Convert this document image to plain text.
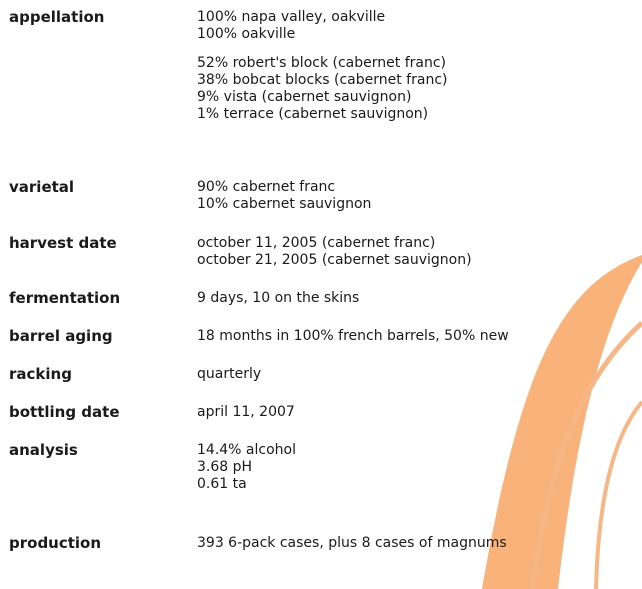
appellation	100% napa valley, oakville
100% oakville
52% robert's block (cabernet franc)
38% bobcat blocks (cabernet franc)
9% vista (cabernet sauvignon)
1% terrace (cabernet sauvignon)
varietal	90% cabernet franc
10% cabernet sauvignon
harvest date	october 11, 2005 (cabernet franc)
october 21, 2005 (cabernet sauvignon)
fermentation	9 days, 10 on the skins
barrel aging	18 months in 100% french barrels, 50% new
racking	quarterly
bottling date	april 11, 2007
analysis	14.4% alcohol
3.68 pH
0.61 ta
production	393 6-pack cases, plus 8 cases of magnums
